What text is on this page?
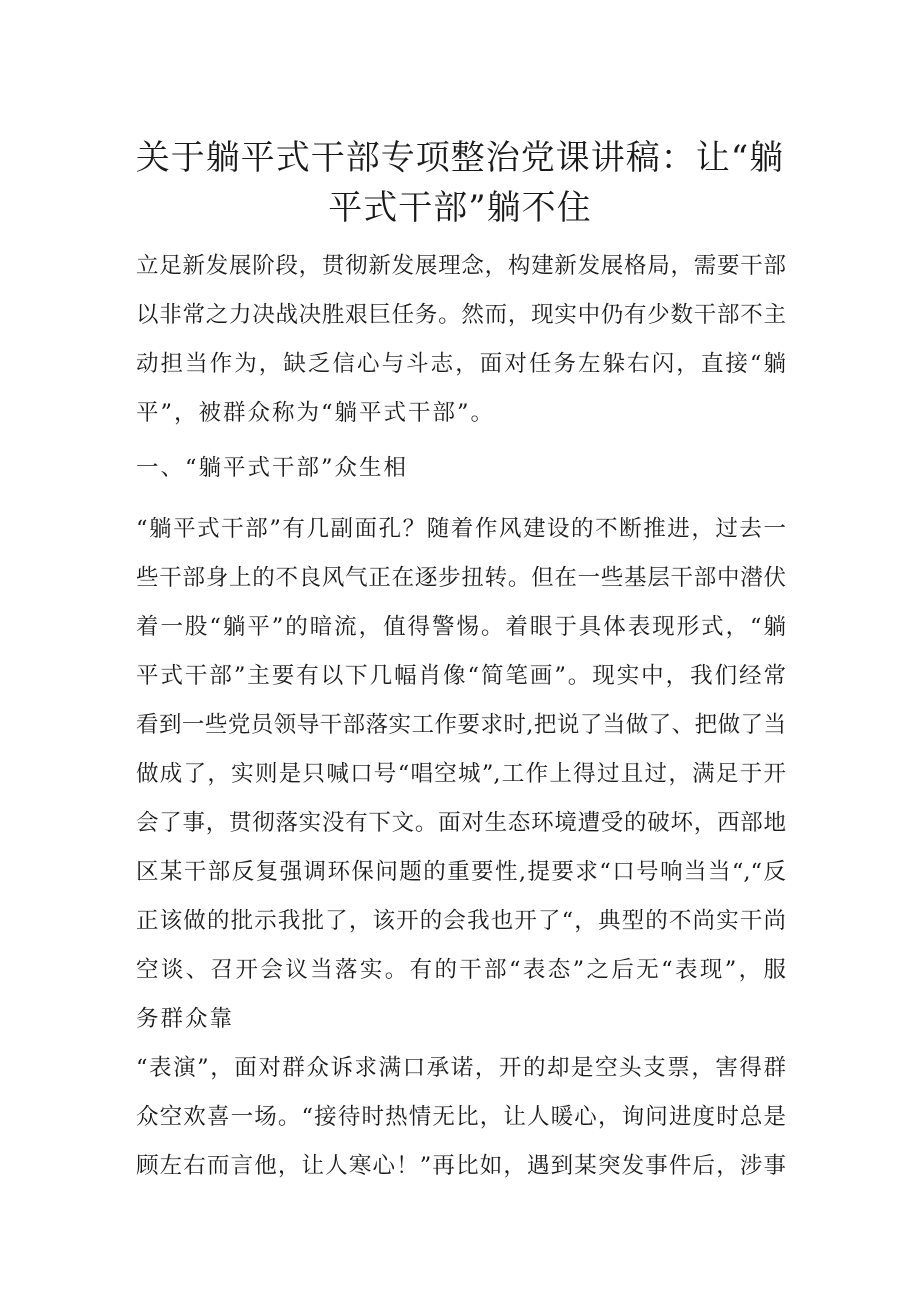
关于躺平式干部专项整治党课讲稿：让“躺
平式干部”躺不住
立足新发展阶段，贯彻新发展理念，构建新发展格局，需要干部
以非常之力决战决胜艰巨任务。然而，现实中仍有少数干部不主
动担当作为，缺乏信心与斗志，面对任务左躲右闪，直接“躺
平”，被群众称为“躺平式干部”。
一、“躺平式干部”众生相
“躺平式干部”有几副面孔？随着作风建设的不断推进，过去一
些干部身上的不良风气正在逐步扭转。但在一些基层干部中潜伏
着一股“躺平”的暗流，值得警惕。着眼于具体表现形式，“躺
平式干部”主要有以下几幅肖像“简笔画”。现实中，我们经常
看到一些党员领导干部落实工作要求时,把说了当做了、把做了当
做成了，实则是只喊口号“唱空城”,工作上得过且过，满足于开
会了事，贯彻落实没有下文。面对生态环境遭受的破坏，西部地
区某干部反复强调环保问题的重要性,提要求“口号响当当“,“反
正该做的批示我批了，该开的会我也开了“，典型的不尚实干尚
空谈、召开会议当落实。有的干部“表态”之后无“表现”，服
务群众靠
“表演”，面对群众诉求满口承诺，开的却是空头支票，害得群
众空欢喜一场。“接待时热情无比，让人暖心，询问进度时总是
顾左右而言他，让人寒心！”再比如，遇到某突发事件后，涉事
